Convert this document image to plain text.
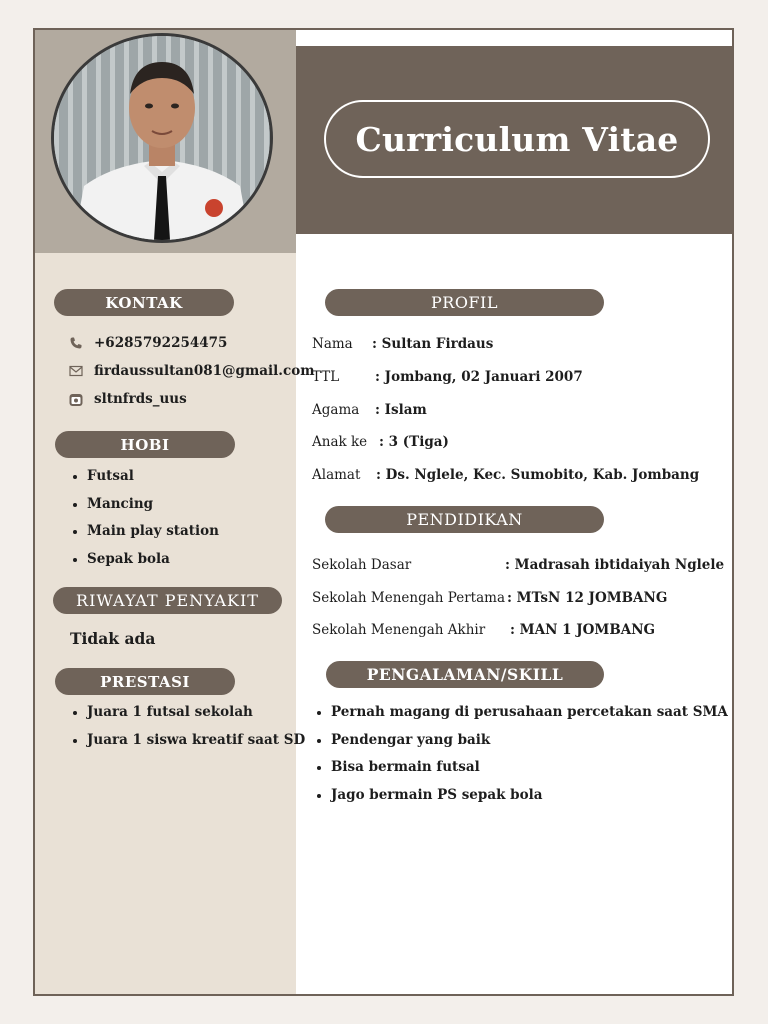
Curriculum Vitae
KONTAK
+6285792254475
firdaussultan081@gmail.com
sltnfrds_uus
HOBI
Futsal
Mancing
Main play station
Sepak bola
RIWAYAT PENYAKIT
Tidak ada
PRESTASI
Juara 1 futsal sekolah
Juara 1 siswa kreatif saat SD
PROFIL
Nama : Sultan Firdaus
TTL	: Jombang, 02 Januari 2007
Agama : Islam
Anak ke : 3 (Tiga)
Alamat : Ds. Nglele, Kec. Sumobito, Kab. Jombang
PENDIDIKAN
Sekolah Dasar	: Madrasah ibtidaiyah Nglele
Sekolah Menengah Pertama : MTsN 12 JOMBANG
Sekolah Menengah Akhir : MAN 1 JOMBANG
PENGALAMAN/SKILL
Pernah magang di perusahaan percetakan saat SMA
Pendengar yang baik
Bisa bermain futsal
Jago bermain PS sepak bola
